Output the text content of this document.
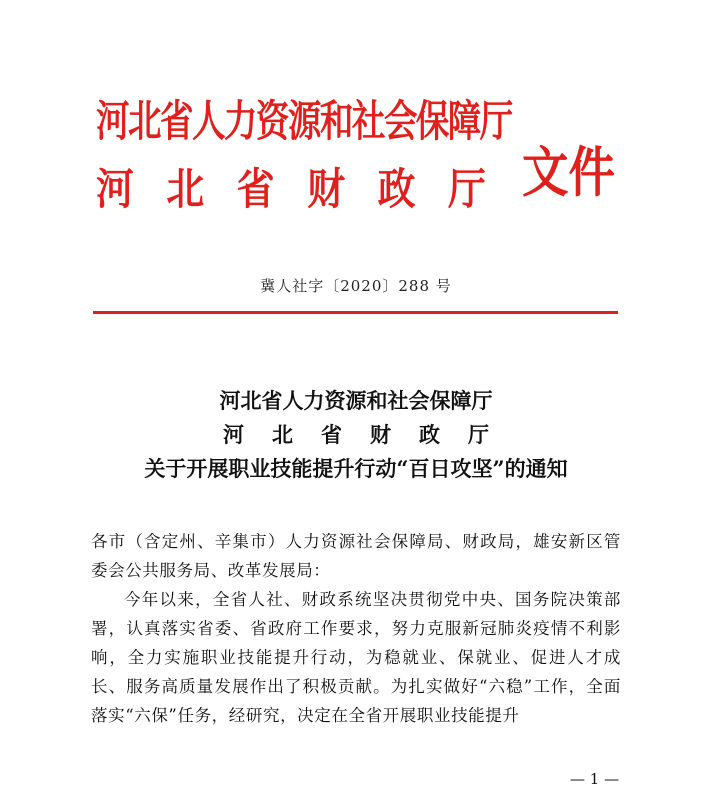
河北省人力资源和社会保障厅
河北省财政厅 文件
冀人社字〔2020〕288 号
河北省人力资源和社会保障厅
河北省财政厅
关于开展职业技能提升行动“百日攻坚”的通知

各市（含定州、辛集市）人力资源社会保障局、财政局，雄安新区管委会公共服务局、改革发展局：

今年以来，全省人社、财政系统坚决贯彻党中央、国务院决策部署，认真落实省委、省政府工作要求，努力克服新冠肺炎疫情不利影响，全力实施职业技能提升行动，为稳就业、保就业、促进人才成长、服务高质量发展作出了积极贡献。为扎实做好“六稳”工作，全面落实“六保”任务，经研究，决定在全省开展职业技能提升

— 1 —
